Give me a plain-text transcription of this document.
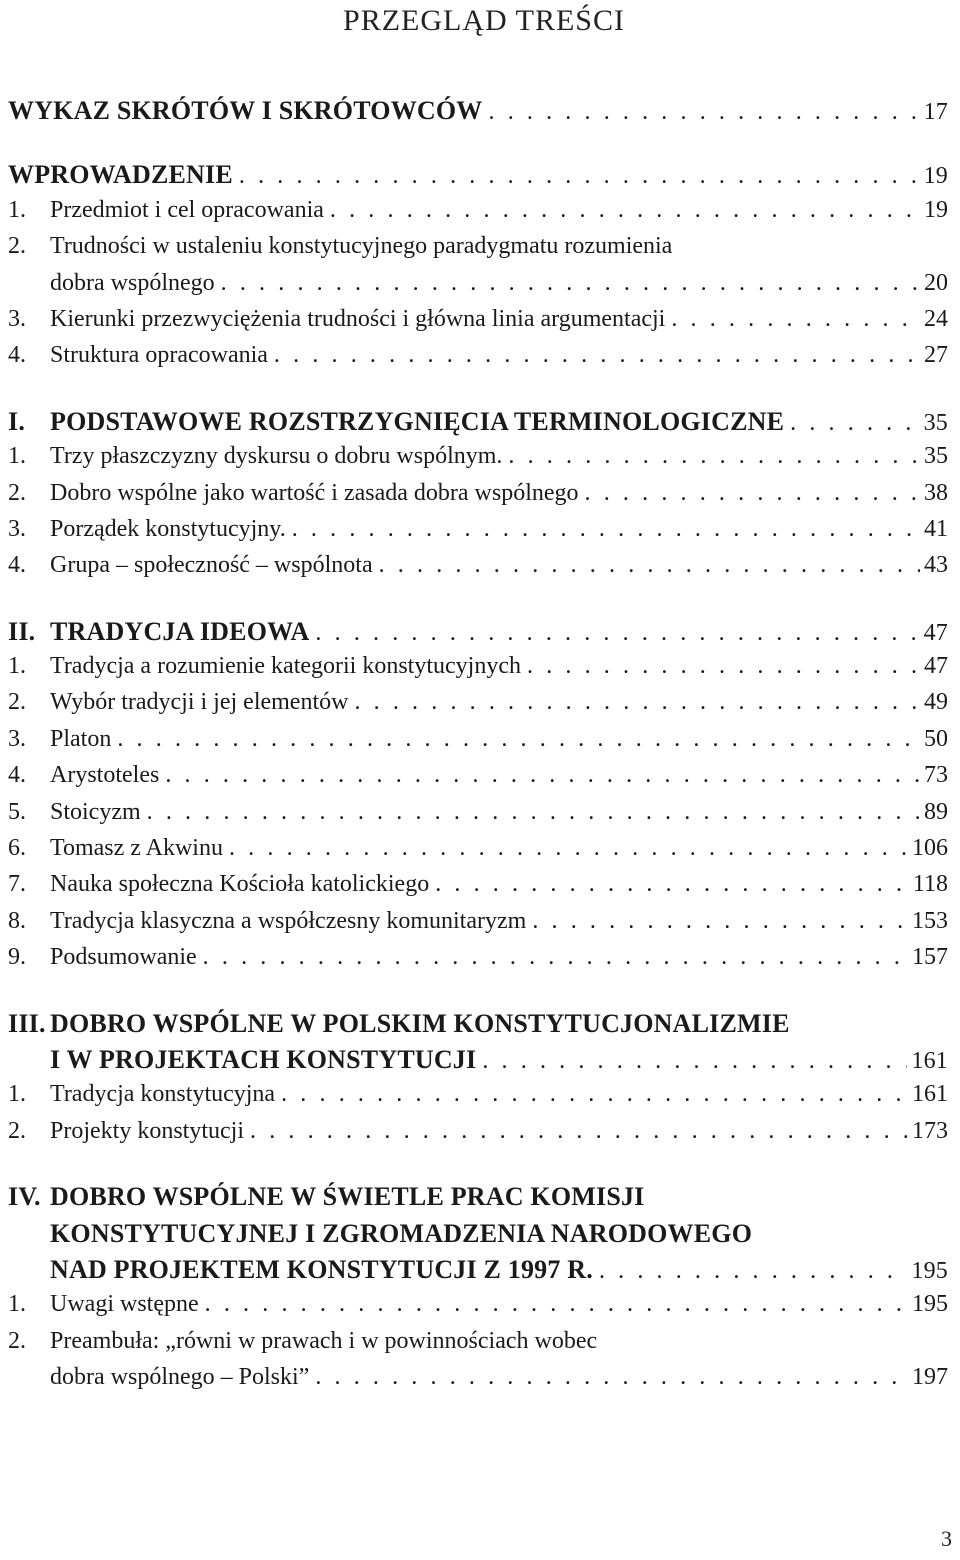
PRZEGLĄD TREŚCI
WYKAZ SKRÓTÓW I SKRÓTOWCÓW . . .	17
WPROWADZENIE . . .	19
1. Przedmiot i cel opracowania . . .	19
2. Trudności w ustaleniu konstytucyjnego paradygmatu rozumienia
dobra wspólnego . . .	20
3. Kierunki przezwyciężenia trudności i główna linia argumentacji . . .	24
4. Struktura opracowania . . .	27
I. PODSTAWOWE ROZSTRZYGNIĘCIA TERMINOLOGICZNE . . .	35
1. Trzy płaszczyzny dyskursu o dobru wspólnym. . . .	35
2. Dobro wspólne jako wartość i zasada dobra wspólnego . . .	38
3. Porządek konstytucyjny. . . .	41
4. Grupa – społeczność – wspólnota . . .	43
II. TRADYCJA IDEOWA . . .	47
1. Tradycja a rozumienie kategorii konstytucyjnych . . .	47
2. Wybór tradycji i jej elementów . . .	49
3. Platon . . .	50
4. Arystoteles . . .	73
5. Stoicyzm . . .	89
6. Tomasz z Akwinu . . .	106
7. Nauka społeczna Kościoła katolickiego . . .	118
8. Tradycja klasyczna a współczesny komunitaryzm . . .	153
9. Podsumowanie . . .	157
III. DOBRO WSPÓLNE W POLSKIM KONSTYTUCJONALIZMIE
I W PROJEKTACH KONSTYTUCJI . . .	161
1. Tradycja konstytucyjna . . .	161
2. Projekty konstytucji . . .	173
IV. DOBRO WSPÓLNE W ŚWIETLE PRAC KOMISJI
KONSTYTUCYJNEJ I ZGROMADZENIA NARODOWEGO
NAD PROJEKTEM KONSTYTUCJI Z 1997 R. . . .	195
1. Uwagi wstępne . . .	195
2. Preambuła: „równi w prawach i w powinnościach wobec
dobra wspólnego – Polski” . . .	197
3
